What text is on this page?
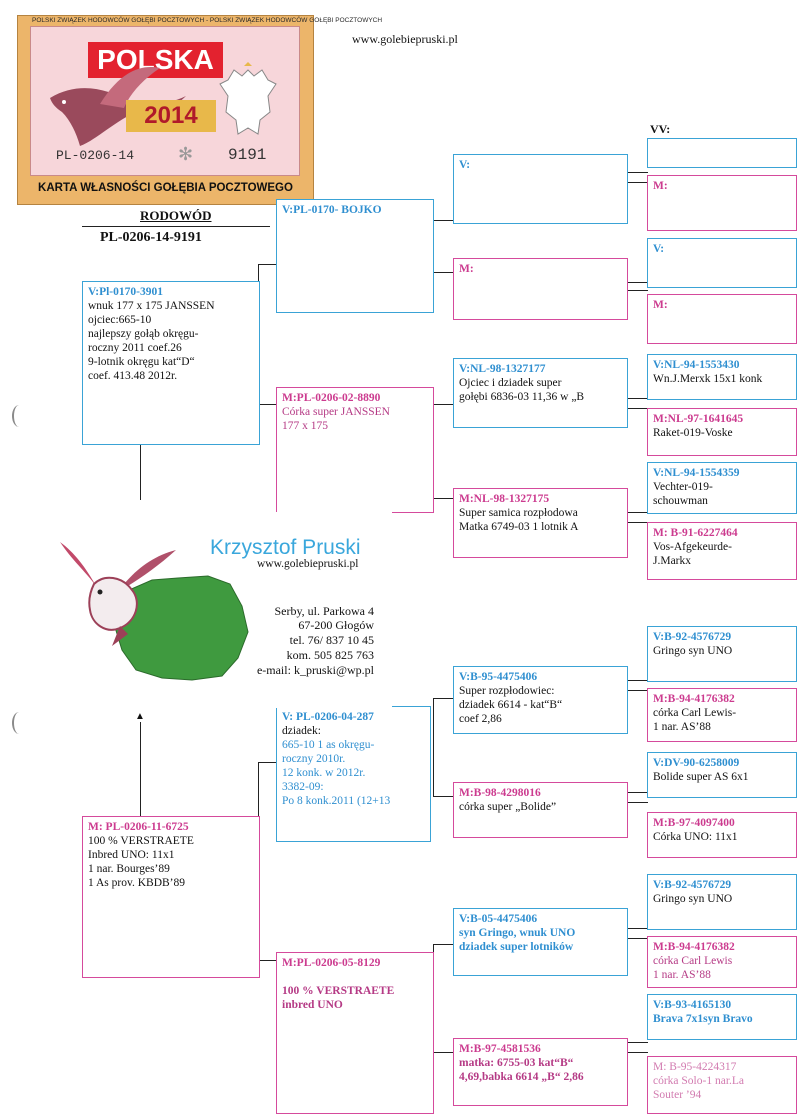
POLSKI ZWIĄZEK HODOWCÓW GOŁĘBI POCZTOWYCH - POLSKI ZWIĄZEK HODOWCÓW GOŁĘBI POCZTOWYCH
POLSKA
2014
PL-0206-14 ✻ 9191
KARTA WŁASNOŚCI GOŁĘBIA POCZTOWEGO
www.golebiepruski.pl
RODOWÓD
PL-0206-14-9191
▲
V:Pl-0170-3901
wnuk 177 x 175 JANSSEN
ojciec:665-10
najlepszy gołąb okręgu-
roczny 2011 coef.26
9-lotnik okręgu kat“D“
coef. 413.48 2012r.
M: PL-0206-11-6725
100 % VERSTRAETE
Inbred UNO: 11x1
1 nar. Bourges’89
1 As prov. KBDB’89
V:PL-0170- BOJKO
M:PL-0206-02-8890
Córka super JANSSEN
177 x 175
V: PL-0206-04-287
dziadek:
665-10 1 as okręgu-
roczny 2010r.
12 konk. w 2012r.
3382-09:
Po 8 konk.2011 (12+13
M:PL-0206-05-8129
100 % VERSTRAETE
inbred UNO
V:
M:
V:NL-98-1327177
Ojciec i dziadek super
gołębi 6836-03 11,36 w „B
M:NL-98-1327175
Super samica rozpłodowa
Matka 6749-03 1 lotnik A
V:B-95-4475406
Super rozpłodowiec:
dziadek 6614 - kat“B“
coef 2,86
M:B-98-4298016
córka super „Bolide”
V:B-05-4475406
syn Gringo, wnuk UNO
dziadek super lotników
M:B-97-4581536
matka: 6755-03 kat“B“
4,69,babka 6614 „B“ 2,86
VV:
M:
V:
M:
V:NL-94-1553430
Wn.J.Merxk 15x1 konk
M:NL-97-1641645
Raket-019-Voske
V:NL-94-1554359
Vechter-019-
schouwman
M: B-91-6227464
Vos-Afgekeurde-
J.Markx
V:B-92-4576729
Gringo syn UNO
M:B-94-4176382
córka Carl Lewis-
1 nar. AS’88
V:DV-90-6258009
Bolide super AS 6x1
M:B-97-4097400
Córka UNO: 11x1
V:B-92-4576729
Gringo syn UNO
M:B-94-4176382
córka Carl Lewis
1 nar. AS’88
V:B-93-4165130
Brava 7x1syn Bravo
M: B-95-4224317
córka Solo-1 nar.La
Souter ’94
Krzysztof Pruski
www.golebiepruski.pl
Serby, ul. Parkowa 4
67-200 Głogów
tel. 76/ 837 10 45
kom. 505 825 763
e-mail: k_pruski@wp.pl
